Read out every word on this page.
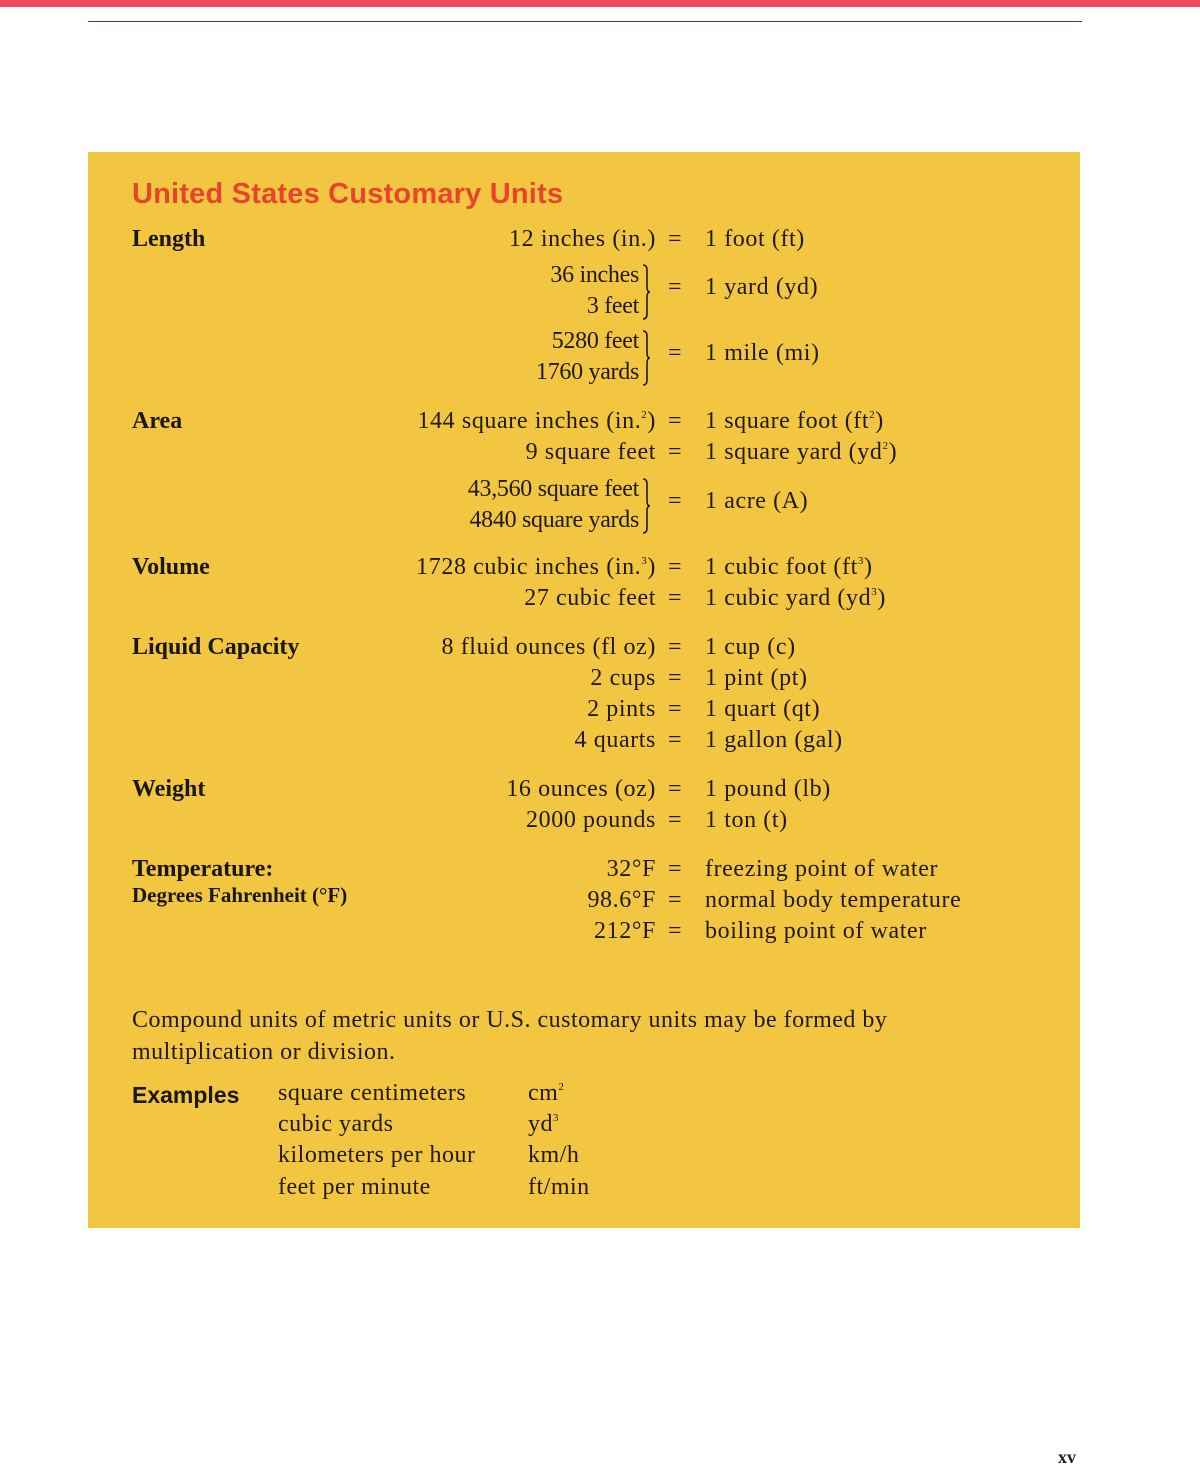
United States Customary Units
Length	12 inches (in.) = 1 foot (ft)
36 inches
3 feet
= 1 yard (yd)
5280 feet
1760 yards
= 1 mile (mi)
Area	144 square inches (in.$^2$) = 1 square foot $(ft^2)$
9 square feet = 1 square yard $(yd^2)$
43,560 square feet
4840 square yards
= 1 acre (A)
Volume	1728 cubic inches (in.$^3$) = 1 cubic foot $(ft^3)$
27 cubic feet = 1 cubic yard $(yd^3)$
Liquid Capacity	8 fluid ounces (fl oz) = 1 cup (c)
2 cups = 1 pint (pt)
2 pints = 1 quart (qt)
4 quarts = 1 gallon (gal)
Weight	16 ounces (oz) = 1 pound (lb)
2000 pounds = 1 ton (t)
Temperature:
Degrees Fahrenheit (°F)
32°F = freezing point of water
98.6°F = normal body temperature
212°F = boiling point of water

Compound units of metric units or U.S. customary units may be formed by multiplication or division.

Examples square centimeters	$cm^2$
cubic yards	$yd^3$
kilometers per hour km/h
feet per minute	ft/min
xv
